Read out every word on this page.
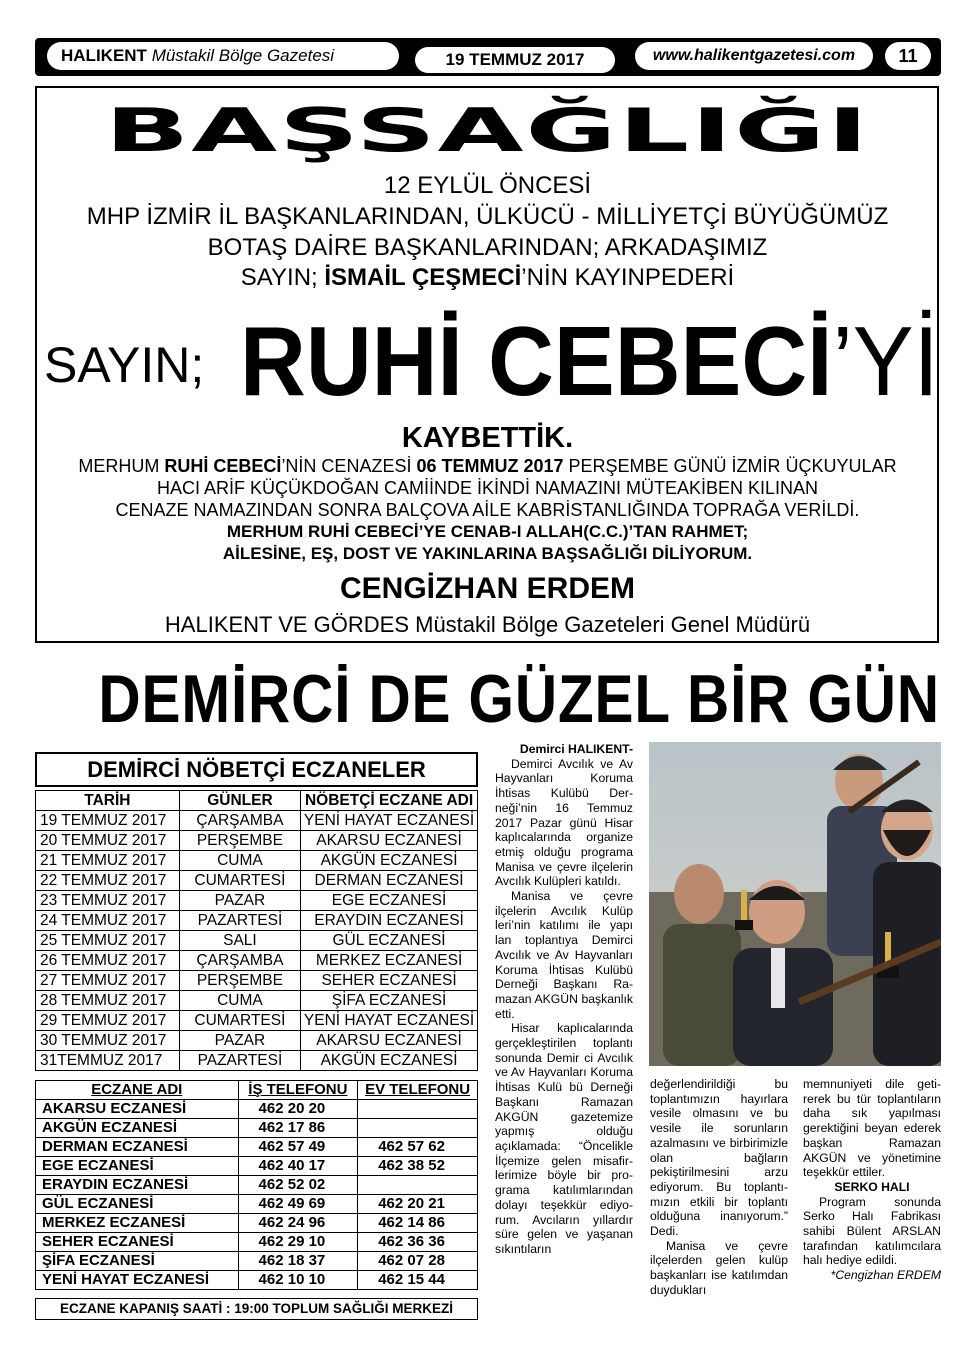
HALIKENT Müstakil Bölge Gazetesi	19 TEMMUZ 2017	www.halikentgazetesi.com	11
BAŞSAĞLIĞI
12 EYLÜL ÖNCESİ
MHP İZMİR İL BAŞKANLARINDAN, ÜLKÜCÜ - MİLLİYETÇİ BÜYÜĞÜMÜZ
BOTAŞ DAİRE BAŞKANLARINDAN; ARKADAŞIMIZ
SAYIN; İSMAİL ÇEŞMECİ’NİN KAYINPEDERİ
SAYIN; RUHİ CEBECİ’Yİ
KAYBETTİK.
MERHUM RUHİ CEBECİ’NİN CENAZESİ 06 TEMMUZ 2017 PERŞEMBE GÜNÜ İZMİR ÜÇKUYULAR
HACI ARİF KÜÇÜKDOĞAN CAMİİNDE İKİNDİ NAMAZINI MÜTEAKİBEN KILINAN
CENAZE NAMAZINDAN SONRA BALÇOVA AİLE KABRİSTANLIĞINDA TOPRAĞA VERİLDİ.
MERHUM RUHİ CEBECİ’YE CENAB-I ALLAH(C.C.)’TAN RAHMET;
AİLESİNE, EŞ, DOST VE YAKINLARINA BAŞSAĞLIĞI DİLİYORUM.
CENGİZHAN ERDEM
HALIKENT VE GÖRDES Müstakil Bölge Gazeteleri Genel Müdürü
DEMİRCİ DE GÜZEL BİR GÜN
DEMİRCİ NÖBETÇİ ECZANELER
TARİH	GÜNLER	NÖBETÇİ ECZANE ADI
19 TEMMUZ 2017	ÇARŞAMBA	YENİ HAYAT ECZANESİ
20 TEMMUZ 2017	PERŞEMBE	AKARSU ECZANESİ
21 TEMMUZ 2017	CUMA	AKGÜN ECZANESİ
22 TEMMUZ 2017	CUMARTESİ	DERMAN ECZANESİ
23 TEMMUZ 2017	PAZAR	EGE ECZANESİ
24 TEMMUZ 2017	PAZARTESİ	ERAYDIN ECZANESİ
25 TEMMUZ 2017	SALI	GÜL ECZANESİ
26 TEMMUZ 2017	ÇARŞAMBA	MERKEZ ECZANESİ
27 TEMMUZ 2017	PERŞEMBE	SEHER ECZANESİ
28 TEMMUZ 2017	CUMA	ŞİFA ECZANESİ
29 TEMMUZ 2017	CUMARTESİ	YENİ HAYAT ECZANESİ
30 TEMMUZ 2017	PAZAR	AKARSU ECZANESİ
31TEMMUZ 2017	PAZARTESİ	AKGÜN ECZANESİ
ECZANE ADI	İŞ TELEFONU	EV TELEFONU
AKARSU ECZANESİ	462 20 20	
AKGÜN ECZANESİ	462 17 86	
DERMAN ECZANESİ	462 57 49	462 57 62
EGE ECZANESİ	462 40 17	462 38 52
ERAYDIN ECZANESİ	462 52 02	
GÜL ECZANESİ	462 49 69	462 20 21
MERKEZ ECZANESİ	462 24 96	462 14 86
SEHER ECZANESİ	462 29 10	462 36 36
ŞİFA ECZANESİ	462 18 37	462 07 28
YENİ HAYAT ECZANESİ	462 10 10	462 15 44
ECZANE KAPANIŞ SAATİ : 19:00 TOPLUM SAĞLIĞI MERKEZİ
Demirci HALIKENT-

Demirci Avcılık ve Av Hayvanları Koruma İhtisas Kulübü Derneği’nin 16 Temmuz 2017 Pazar günü Hisar kaplıcalarında organize etmiş olduğu programa Manisa ve çevre ilçelerin Avcılık Kulüpleri katıldı.

Manisa ve çevre ilçelerin Avcılık Kulüp leri’nin katılımı ile yapı lan toplantıya Demirci Avcılık ve Av Hayvanları Koruma İhtisas Kulübü Derneği Başkanı Ramazan AKGÜN başkanlık etti.

Hisar kaplıcalarında gerçekleştirilen toplantı sonunda Demir ci Avcılık ve Av Hayvanları Koruma İhtisas Kulü bü Derneği Başkanı Ramazan AKGÜN gazetemize yapmış olduğu açıklamada: “Öncelikle İlçemize gelen misafirlerimize böyle bir programa katılımlarından dolayı teşekkür ediyorum. Avcıların yıllardır süre gelen ve yaşanan sıkıntıların

değerlendirildiği bu toplantımızın hayırlara vesile olmasını ve bu vesile ile sorunların azalmasını ve birbirimizle olan bağların pekiştirilmesini arzu ediyorum. Bu toplantımızın etkili bir toplantı olduğuna inanıyorum.” Dedi.

Manisa ve çevre ilçelerden gelen kulüp başkanları ise katılımdan duydukları

memnuniyeti dile getirerek bu tür toplantıların daha sık yapılması gerektiğini beyan ederek başkan Ramazan AKGÜN ve yönetimine teşekkür ettiler.

SERKO HALI

Program sonunda Serko Halı Fabrikası sahibi Bülent ARSLAN tarafından katılımcılara halı hediye edildi.

*Cengizhan ERDEM
